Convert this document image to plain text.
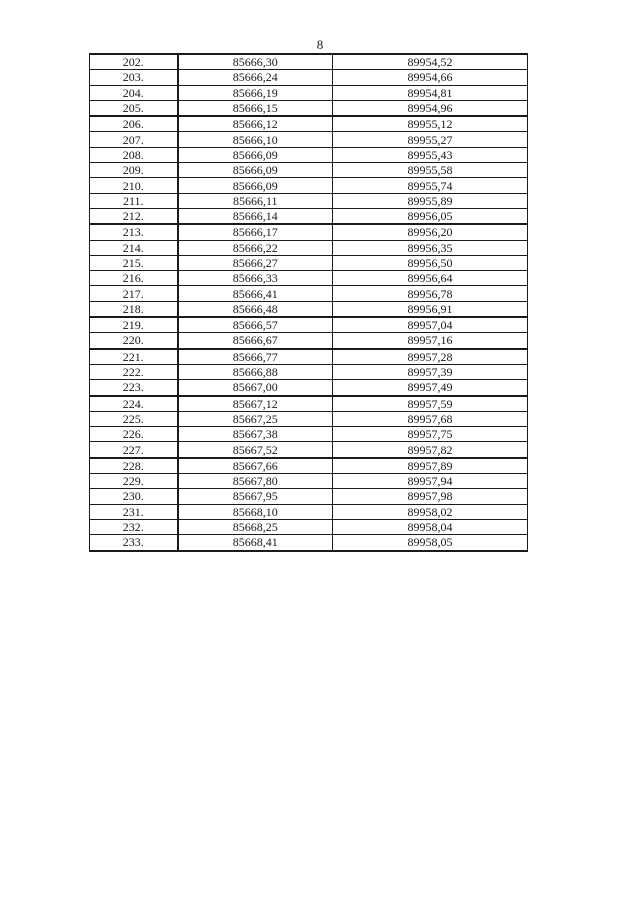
8
202.	85666,30	89954,52
203.	85666,24	89954,66
204.	85666,19	89954,81
205.	85666,15	89954,96
206.	85666,12	89955,12
207.	85666,10	89955,27
208.	85666,09	89955,43
209.	85666,09	89955,58
210.	85666,09	89955,74
211.	85666,11	89955,89
212.	85666,14	89956,05
213.	85666,17	89956,20
214.	85666,22	89956,35
215.	85666,27	89956,50
216.	85666,33	89956,64
217.	85666,41	89956,78
218.	85666,48	89956,91
219.	85666,57	89957,04
220.	85666,67	89957,16
221.	85666,77	89957,28
222.	85666,88	89957,39
223.	85667,00	89957,49
224.	85667,12	89957,59
225.	85667,25	89957,68
226.	85667,38	89957,75
227.	85667,52	89957,82
228.	85667,66	89957,89
229.	85667,80	89957,94
230.	85667,95	89957,98
231.	85668,10	89958,02
232.	85668,25	89958,04
233.	85668,41	89958,05
